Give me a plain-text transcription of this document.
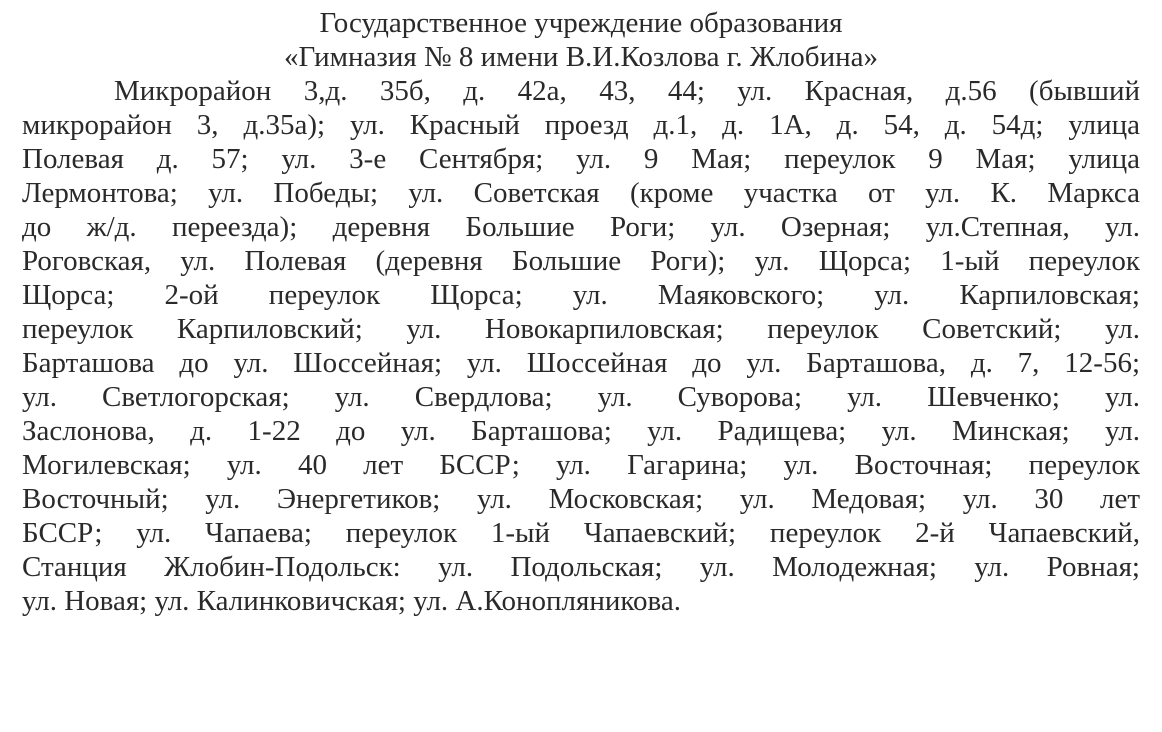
Государственное учреждение образования
«Гимназия № 8 имени В.И.Козлова г. Жлобина»
Микрорайон 3,д. 35б, д. 42а, 43, 44; ул. Красная, д.56 (бывший
микрорайон 3, д.35а); ул. Красный проезд д.1, д. 1А, д. 54, д. 54д; улица
Полевая д. 57; ул. 3-е Сентября; ул. 9 Мая; переулок 9 Мая; улица
Лермонтова; ул. Победы; ул. Советская (кроме участка от ул. К. Маркса
до ж/д. переезда); деревня Большие Роги; ул. Озерная; ул.Степная, ул.
Роговская, ул. Полевая (деревня Большие Роги); ул. Щорса; 1-ый переулок
Щорса; 2-ой переулок Щорса; ул. Маяковского; ул. Карпиловская;
переулок Карпиловский; ул. Новокарпиловская; переулок Советский; ул.
Барташова до ул. Шоссейная; ул. Шоссейная до ул. Барташова, д. 7, 12-56;
ул. Светлогорская; ул. Свердлова; ул. Суворова; ул. Шевченко; ул.
Заслонова, д. 1-22 до ул. Барташова; ул. Радищева; ул. Минская; ул.
Могилевская; ул. 40 лет БССР; ул. Гагарина; ул. Восточная; переулок
Восточный; ул. Энергетиков; ул. Московская; ул. Медовая; ул. 30 лет
БССР; ул. Чапаева; переулок 1-ый Чапаевский; переулок 2-й Чапаевский,
Станция Жлобин-Подольск: ул. Подольская; ул. Молодежная; ул. Ровная;
ул. Новая; ул. Калинковичская; ул. А.Конопляникова.
